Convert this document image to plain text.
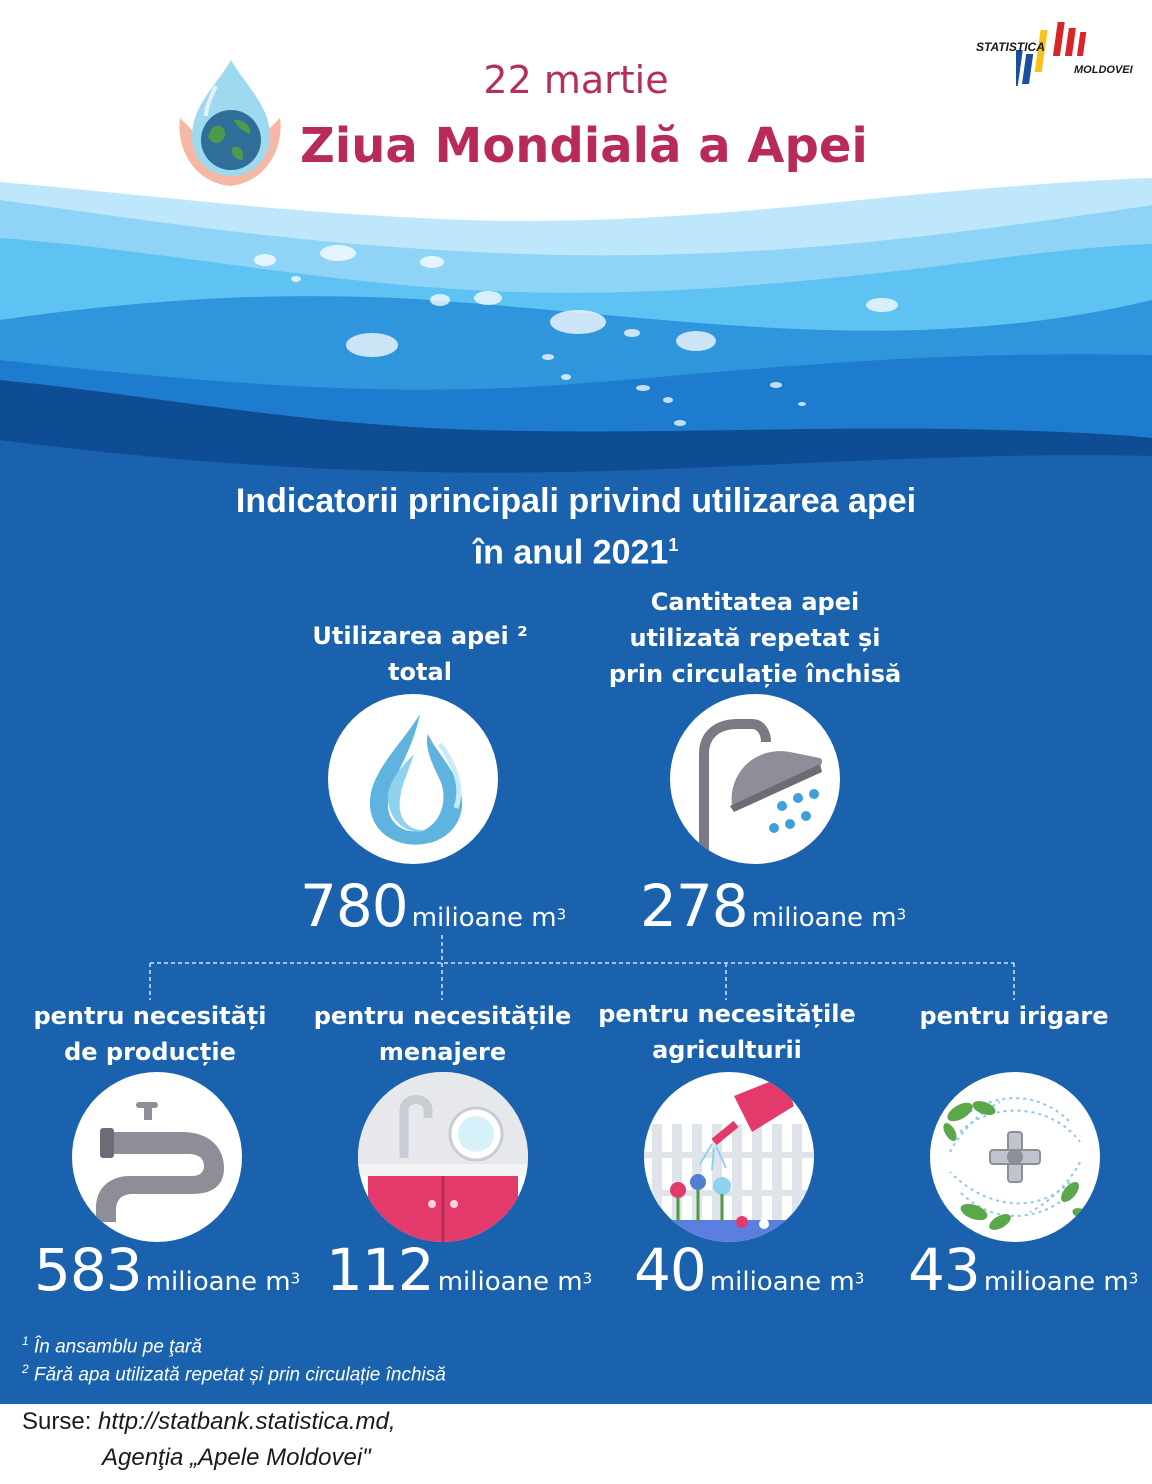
22 martie
Ziua Mondială a Apei
STATISTICA
MOLDOVEI
Indicatorii principali privind utilizarea apei
în anul 2021$^1$
Utilizarea apei ²
total
780 milioane $m^3$
Cantitatea apei
utilizată repetat și
prin circulație închisă
278 milioane $m^3$
pentru necesități
de producție
583 milioane $m^3$
pentru necesitățile
menajere
112 milioane $m^3$
pentru necesitățile
agriculturii
40 milioane $m^3$
pentru irigare
43 milioane $m^3$
$^1$ În ansamblu pe ţară
$^2$ Fără apa utilizată repetat și prin circulație închisă
Surse: http://statbank.statistica.md,
Agenţia „Apele Moldovei"
